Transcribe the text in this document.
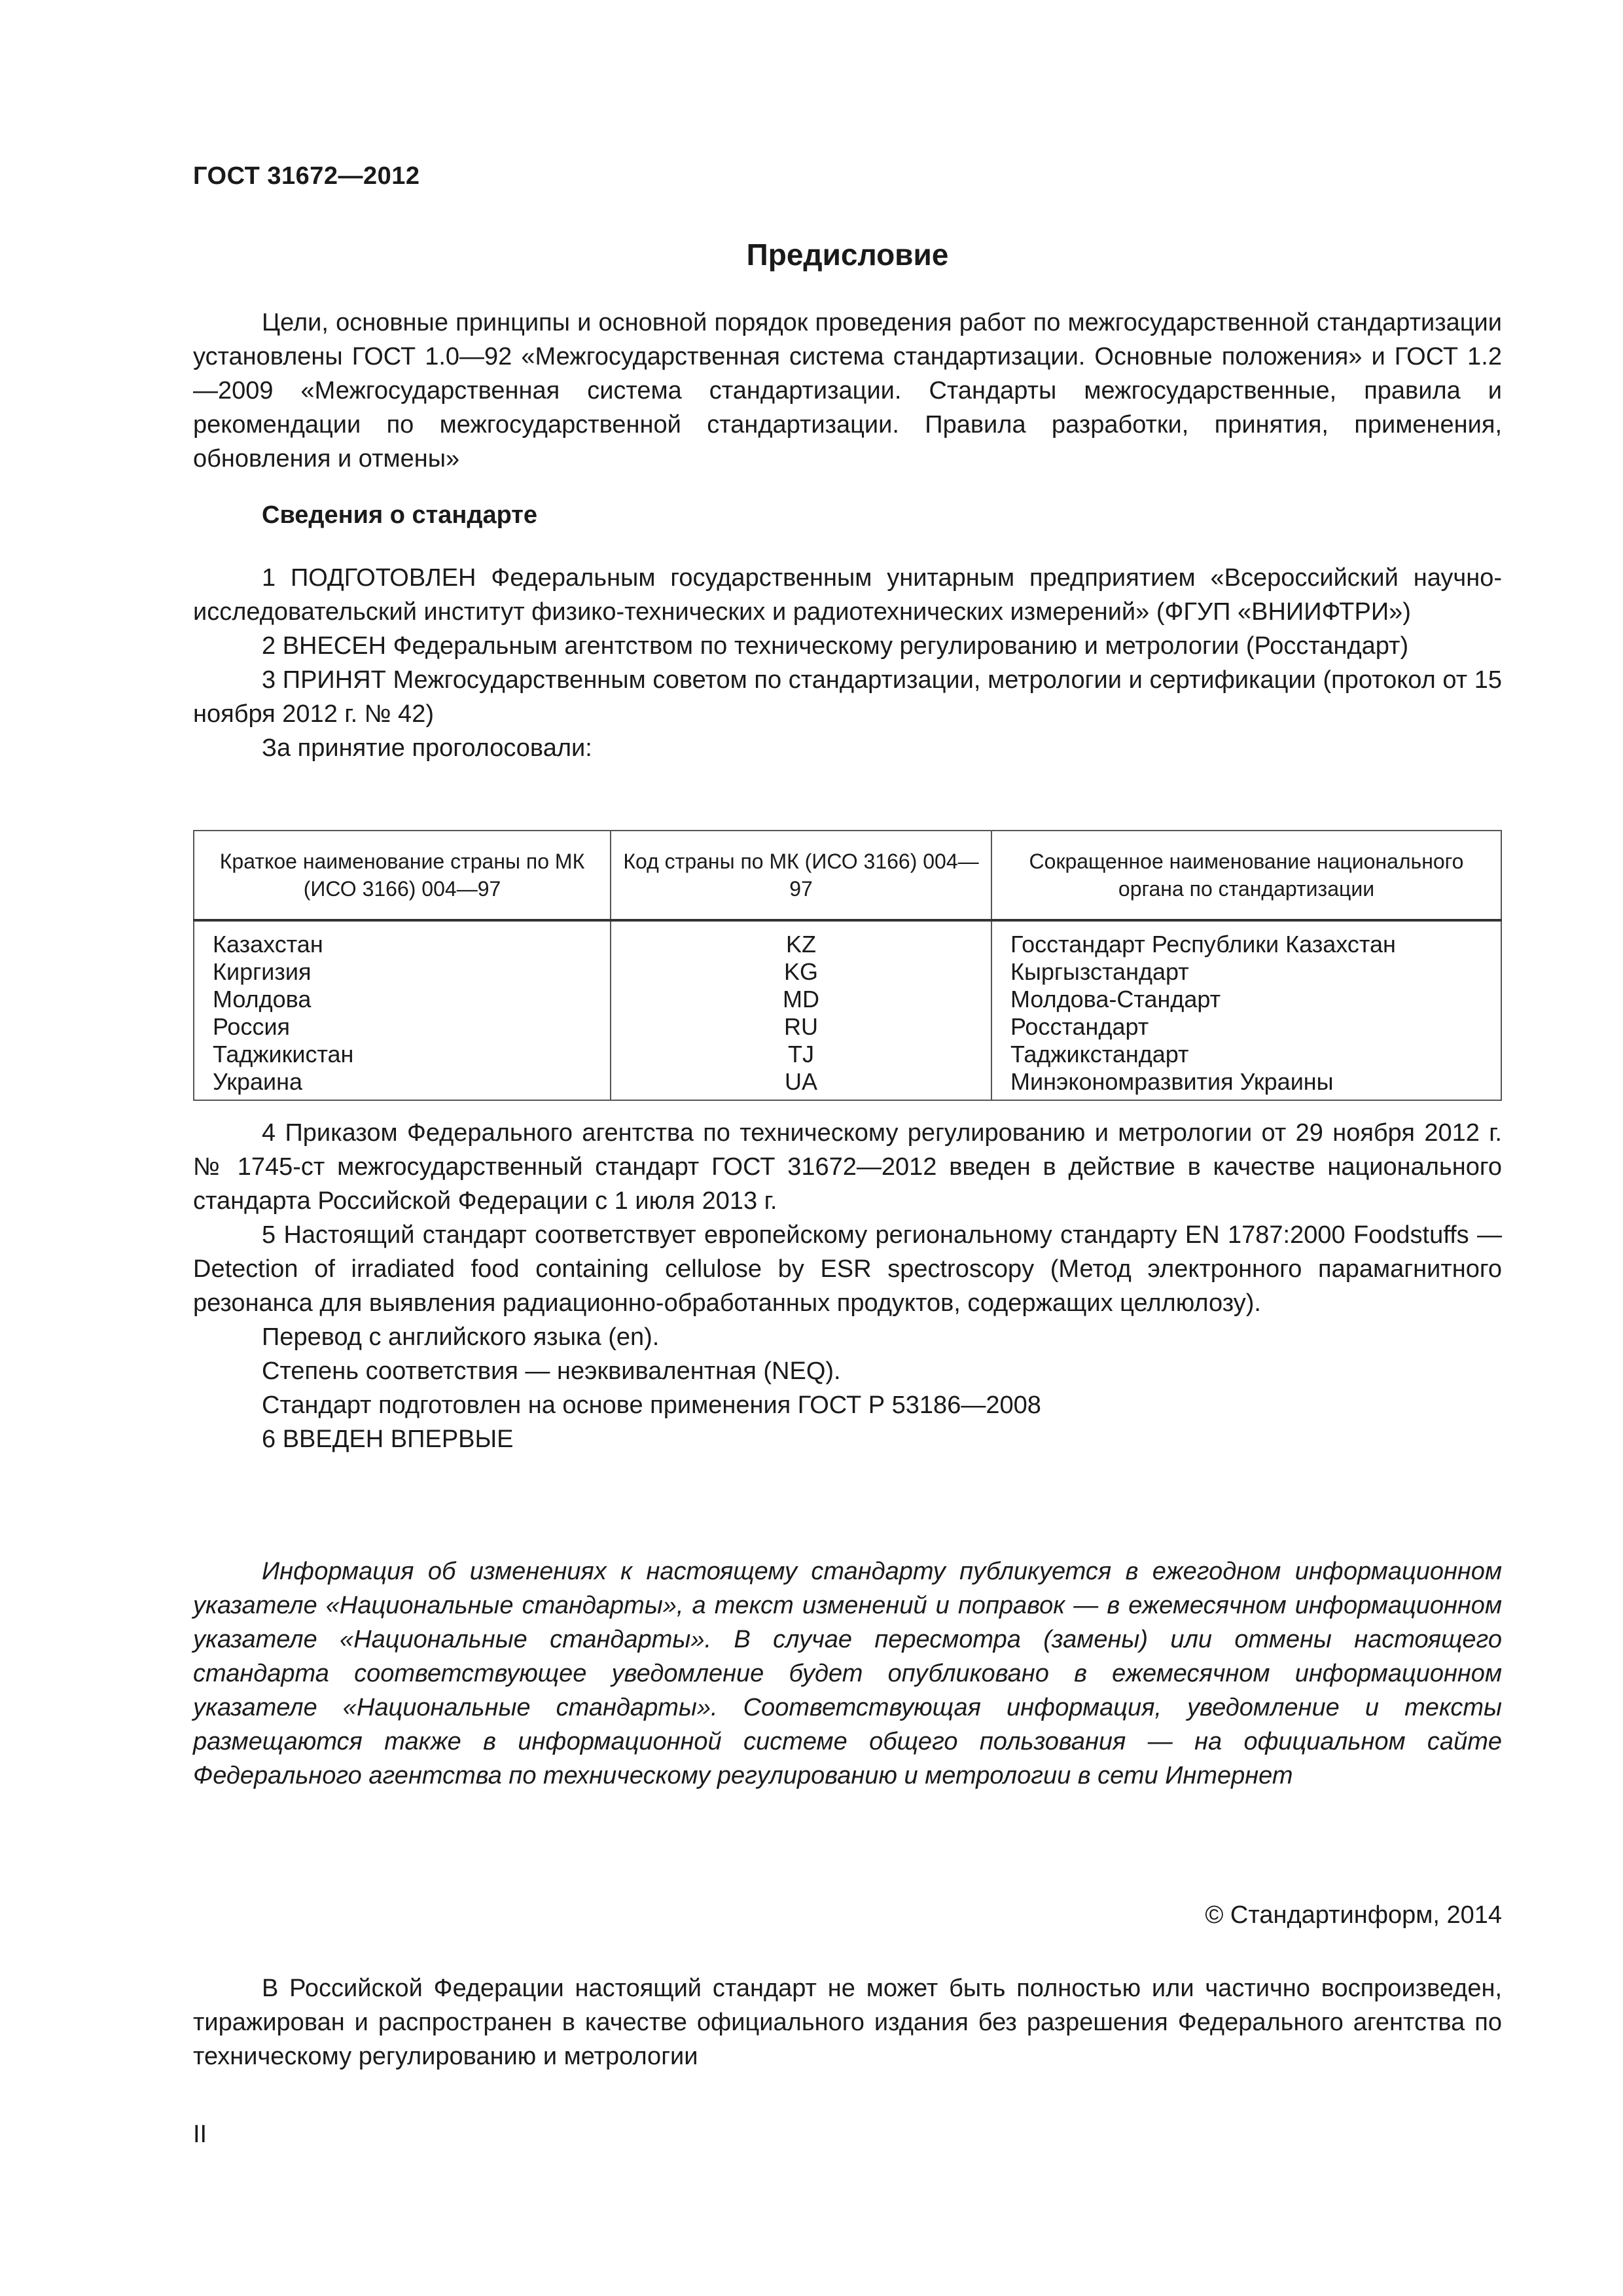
ГОСТ 31672—2012
Предисловие

Цели, основные принципы и основной порядок проведения работ по межгосударственной стандартизации установлены ГОСТ 1.0—92 «Межгосударственная система стандартизации. Основные положения» и ГОСТ 1.2—2009 «Межгосударственная система стандартизации. Стандарты межгосударственные, правила и рекомендации по межгосударственной стандартизации. Правила разработки, принятия, применения, обновления и отмены»

Сведения о стандарте

1 ПОДГОТОВЛЕН Федеральным государственным унитарным предприятием «Всероссийский научно-исследовательский институт физико-технических и радиотехнических измерений» (ФГУП «ВНИИФТРИ»)

2 ВНЕСЕН Федеральным агентством по техническому регулированию и метрологии (Росстандарт)

3 ПРИНЯТ Межгосударственным советом по стандартизации, метрологии и сертификации (протокол от 15 ноября 2012 г. № 42)

За принятие проголосовали:

Краткое наименование страны по МК (ИСО 3166) 004—97	Код страны по МК (ИСО 3166) 004—97	Сокращенное наименование национального органа по стандартизации
Казахстан	KZ	Госстандарт Республики Казахстан
Киргизия	KG	Кыргызстандарт
Молдова	MD	Молдова-Стандарт
Россия	RU	Росстандарт
Таджикистан	TJ	Таджикстандарт
Украина	UA	Минэкономразвития Украины

4 Приказом Федерального агентства по техническому регулированию и метрологии от 29 ноября 2012 г. № 1745-ст межгосударственный стандарт ГОСТ 31672—2012 введен в действие в качестве национального стандарта Российской Федерации с 1 июля 2013 г.

5 Настоящий стандарт соответствует европейскому региональному стандарту EN 1787:2000 Foodstuffs — Detection of irradiated food containing cellulose by ESR spectroscopy (Метод электронного парамагнитного резонанса для выявления радиационно-обработанных продуктов, содержащих целлюлозу).

Перевод с английского языка (en).

Степень соответствия — неэквивалентная (NEQ).

Стандарт подготовлен на основе применения ГОСТ Р 53186—2008

6 ВВЕДЕН ВПЕРВЫЕ

Информация об изменениях к настоящему стандарту публикуется в ежегодном информационном указателе «Национальные стандарты», а текст изменений и поправок — в ежемесячном информационном указателе «Национальные стандарты». В случае пересмотра (замены) или отмены настоящего стандарта соответствующее уведомление будет опубликовано в ежемесячном информационном указателе «Национальные стандарты». Соответствующая информация, уведомление и тексты размещаются также в информационной системе общего пользования — на официальном сайте Федерального агентства по техническому регулированию и метрологии в сети Интернет

© Стандартинформ, 2014

В Российской Федерации настоящий стандарт не может быть полностью или частично воспроизведен, тиражирован и распространен в качестве официального издания без разрешения Федерального агентства по техническому регулированию и метрологии

II
